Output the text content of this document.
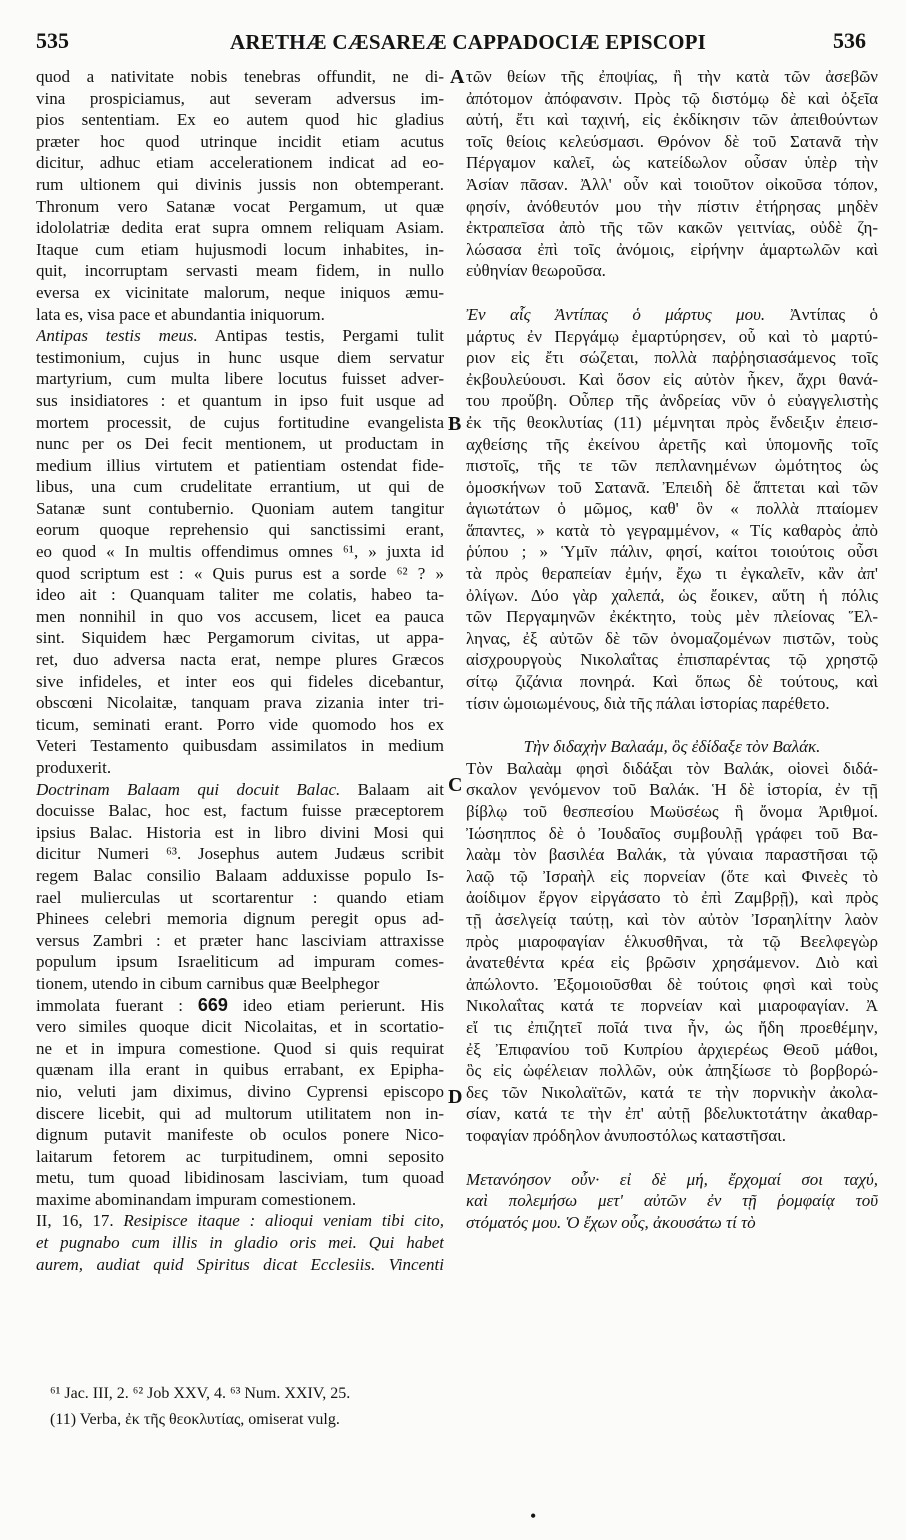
535	ARETHÆ CÆSAREÆ CAPPADOCIÆ EPISCOPI	536
A
B
C
D
quod a nativitate nobis tenebras offundit, ne di-
vina prospiciamus, aut severam adversus im-
pios sententiam. Ex eo autem quod hic gladius
præter hoc quod utrinque incidit etiam acutus
dicitur, adhuc etiam accelerationem indicat ad eo-
rum ultionem qui divinis jussis non obtemperant.
Thronum vero Satanæ vocat Pergamum, ut quæ
idololatriæ dedita erat supra omnem reliquam Asiam.
Itaque cum etiam hujusmodi locum inhabites, in-
quit, incorruptam servasti meam fidem, in nullo
eversa ex vicinitate malorum, neque iniquos æmu-
lata es, visa pace et abundantia iniquorum.
Antipas testis meus. Antipas testis, Pergami tulit
testimonium, cujus in hunc usque diem servatur
martyrium, cum multa libere locutus fuisset adver-
sus insidiatores : et quantum in ipso fuit usque ad
mortem processit, de cujus fortitudine evangelista
nunc per os Dei fecit mentionem, ut productam in
medium illius virtutem et patientiam ostendat fide-
libus, una cum crudelitate errantium, ut qui de
Satanæ sunt contubernio. Quoniam autem tangitur
eorum quoque reprehensio qui sanctissimi erant,
eo quod « In multis offendimus omnes ⁶¹, » juxta id
quod scriptum est : « Quis purus est a sorde ⁶² ? »
ideo ait : Quanquam taliter me colatis, habeo ta-
men nonnihil in quo vos accusem, licet ea pauca
sint. Siquidem hæc Pergamorum civitas, ut appa-
ret, duo adversa nacta erat, nempe plures Græcos
sive infideles, et inter eos qui fideles dicebantur,
obscœni Nicolaitæ, tanquam prava zizania inter tri-
ticum, seminati erant. Porro vide quomodo hos ex
Veteri Testamento quibusdam assimilatos in medium
produxerit.
Doctrinam Balaam qui docuit Balac. Balaam ait
docuisse Balac, hoc est, factum fuisse præceptorem
ipsius Balac. Historia est in libro divini Mosi qui
dicitur Numeri ⁶³. Josephus autem Judæus scribit
regem Balac consilio Balaam adduxisse populo Is-
rael mulierculas ut scortarentur : quando etiam
Phinees celebri memoria dignum peregit opus ad-
versus Zambri : et præter hanc lasciviam attraxisse
populum ipsum Israeliticum ad impuram comes-
tionem, utendo in cibum carnibus quæ Beelphegor
immolata fuerant : 669 ideo etiam perierunt. His
vero similes quoque dicit Nicolaitas, et in scortatio-
ne et in impura comestione. Quod si quis requirat
quænam illa erant in quibus errabant, ex Epipha-
nio, veluti jam diximus, divino Cyprensi episcopo
discere licebit, qui ad multorum utilitatem non in-
dignum putavit manifeste ob oculos ponere Nico-
laitarum fetorem ac turpitudinem, omni seposito
metu, tum quoad libidinosam lasciviam, tum quoad
maxime abominandam impuram comestionem.
II, 16, 17. Resipisce itaque : alioqui veniam tibi cito,
et pugnabo cum illis in gladio oris mei. Qui habet
aurem, audiat quid Spiritus dicat Ecclesiis. Vincenti
τῶν θείων τῆς ἐποψίας, ἢ τὴν κατὰ τῶν ἀσεβῶν
ἀπότομον ἀπόφανσιν. Πρὸς τῷ διστόμῳ δὲ καὶ ὀξεῖα
αὐτή, ἔτι καὶ ταχινή, εἰς ἐκδίκησιν τῶν ἀπειθούντων
τοῖς θείοις κελεύσμασι. Θρόνον δὲ τοῦ Σατανᾶ τὴν
Πέργαμον καλεῖ, ὡς κατείδωλον οὖσαν ὑπὲρ τὴν
Ἀσίαν πᾶσαν. Ἀλλ' οὖν καὶ τοιοῦτον οἰκοῦσα τόπον,
φησίν, ἀνόθευτόν μου τὴν πίστιν ἐτήρησας μηδὲν
ἐκτραπεῖσα ἀπὸ τῆς τῶν κακῶν γειτνίας, οὐδὲ ζη-
λώσασα ἐπὶ τοῖς ἀνόμοις, εἰρήνην ἁμαρτωλῶν καὶ
εὐθηνίαν θεωροῦσα.
Ἐν αἷς Ἀντίπας ὁ μάρτυς μου. Ἀντίπας ὁ
μάρτυς ἐν Περγάμῳ ἐμαρτύρησεν, οὗ καὶ τὸ μαρτύ-
ριον εἰς ἔτι σώζεται, πολλὰ παῤῥησιασάμενος τοῖς
ἐκβουλεύουσι. Καὶ ὅσον εἰς αὐτὸν ἧκεν, ἄχρι θανά-
του προὔβη. Οὗπερ τῆς ἀνδρείας νῦν ὁ εὐαγγελιστὴς
ἐκ τῆς θεοκλυτίας (11) μέμνηται πρὸς ἔνδειξιν ἐπεισ-
αχθείσης τῆς ἐκείνου ἀρετῆς καὶ ὑπομονῆς τοῖς
πιστοῖς, τῆς τε τῶν πεπλανημένων ὠμότητος ὡς
ὁμοσκήνων τοῦ Σατανᾶ. Ἐπειδὴ δὲ ἅπτεται καὶ τῶν
ἁγιωτάτων ὁ μῶμος, καθ' ὃν « πολλὰ πταίομεν
ἅπαντες, » κατὰ τὸ γεγραμμένον, « Τίς καθαρὸς ἀπὸ
ῥύπου ; » Ὑμῖν πάλιν, φησί, καίτοι τοιούτοις οὖσι
τὰ πρὸς θεραπείαν ἐμήν, ἔχω τι ἐγκαλεῖν, κἂν ἀπ'
ὀλίγων. Δύο γὰρ χαλεπά, ὡς ἔοικεν, αὕτη ἡ πόλις
τῶν Περγαμηνῶν ἐκέκτητο, τοὺς μὲν πλείονας Ἕλ-
ληνας, ἐξ αὐτῶν δὲ τῶν ὀνομαζομένων πιστῶν, τοὺς
αἰσχρουργοὺς Νικολαΐτας ἐπισπαρέντας τῷ χρηστῷ
σίτῳ ζιζάνια πονηρά. Καὶ ὅπως δὲ τούτους, καὶ
τίσιν ὡμοιωμένους, διὰ τῆς πάλαι ἱστορίας παρέθετο.
Τὴν διδαχὴν Βαλαάμ, ὃς ἐδίδαξε τὸν Βαλάκ.
Τὸν Βαλαὰμ φησὶ διδάξαι τὸν Βαλάκ, οἱονεὶ διδά-
σκαλον γενόμενον τοῦ Βαλάκ. Ἡ δὲ ἱστορία, ἐν τῇ
βίβλῳ τοῦ θεσπεσίου Μωϋσέως ἣ ὄνομα Ἀριθμοί.
Ἰώσηππος δὲ ὁ Ἰουδαῖος συμβουλῇ γράφει τοῦ Βα-
λαὰμ τὸν βασιλέα Βαλάκ, τὰ γύναια παραστῆσαι τῷ
λαῷ τῷ Ἰσραὴλ εἰς πορνείαν (ὅτε καὶ Φινεὲς τὸ
ἀοίδιμον ἔργον εἰργάσατο τὸ ἐπὶ Ζαμβρῇ), καὶ πρὸς
τῇ ἀσελγείᾳ ταύτῃ, καὶ τὸν αὐτὸν Ἰσραηλίτην λαὸν
πρὸς μιαροφαγίαν ἑλκυσθῆναι, τὰ τῷ Βεελφεγὼρ
ἀνατεθέντα κρέα εἰς βρῶσιν χρησάμενον. Διὸ καὶ
ἀπώλοντο. Ἐξομοιοῦσθαι δὲ τούτοις φησὶ καὶ τοὺς
Νικολαΐτας κατά τε πορνείαν καὶ μιαροφαγίαν. Ἀ
εἴ τις ἐπιζητεῖ ποῖά τινα ἦν, ὡς ἤδη προεθέμην,
ἐξ Ἐπιφανίου τοῦ Κυπρίου ἀρχιερέως Θεοῦ μάθοι,
ὃς εἰς ὠφέλειαν πολλῶν, οὐκ ἀπηξίωσε τὸ βορβορώ-
δες τῶν Νικολαϊτῶν, κατά τε τὴν πορνικὴν ἀκολα-
σίαν, κατά τε τὴν ἐπ' αὐτῇ βδελυκτοτάτην ἀκαθαρ-
τοφαγίαν πρόδηλον ἀνυποστόλως καταστῆσαι.
Μετανόησον οὖν· εἰ δὲ μή, ἔρχομαί σοι ταχύ,
καὶ πολεμήσω μετ' αὐτῶν ἐν τῇ ῥομφαίᾳ τοῦ
στόματός μου. Ὁ ἔχων οὖς, ἀκουσάτω τί τὸ
⁶¹ Jac. III, 2. ⁶² Job XXV, 4. ⁶³ Num. XXIV, 25.
(11) Verba, ἐκ τῆς θεοκλυτίας, omiserat vulg.
•
